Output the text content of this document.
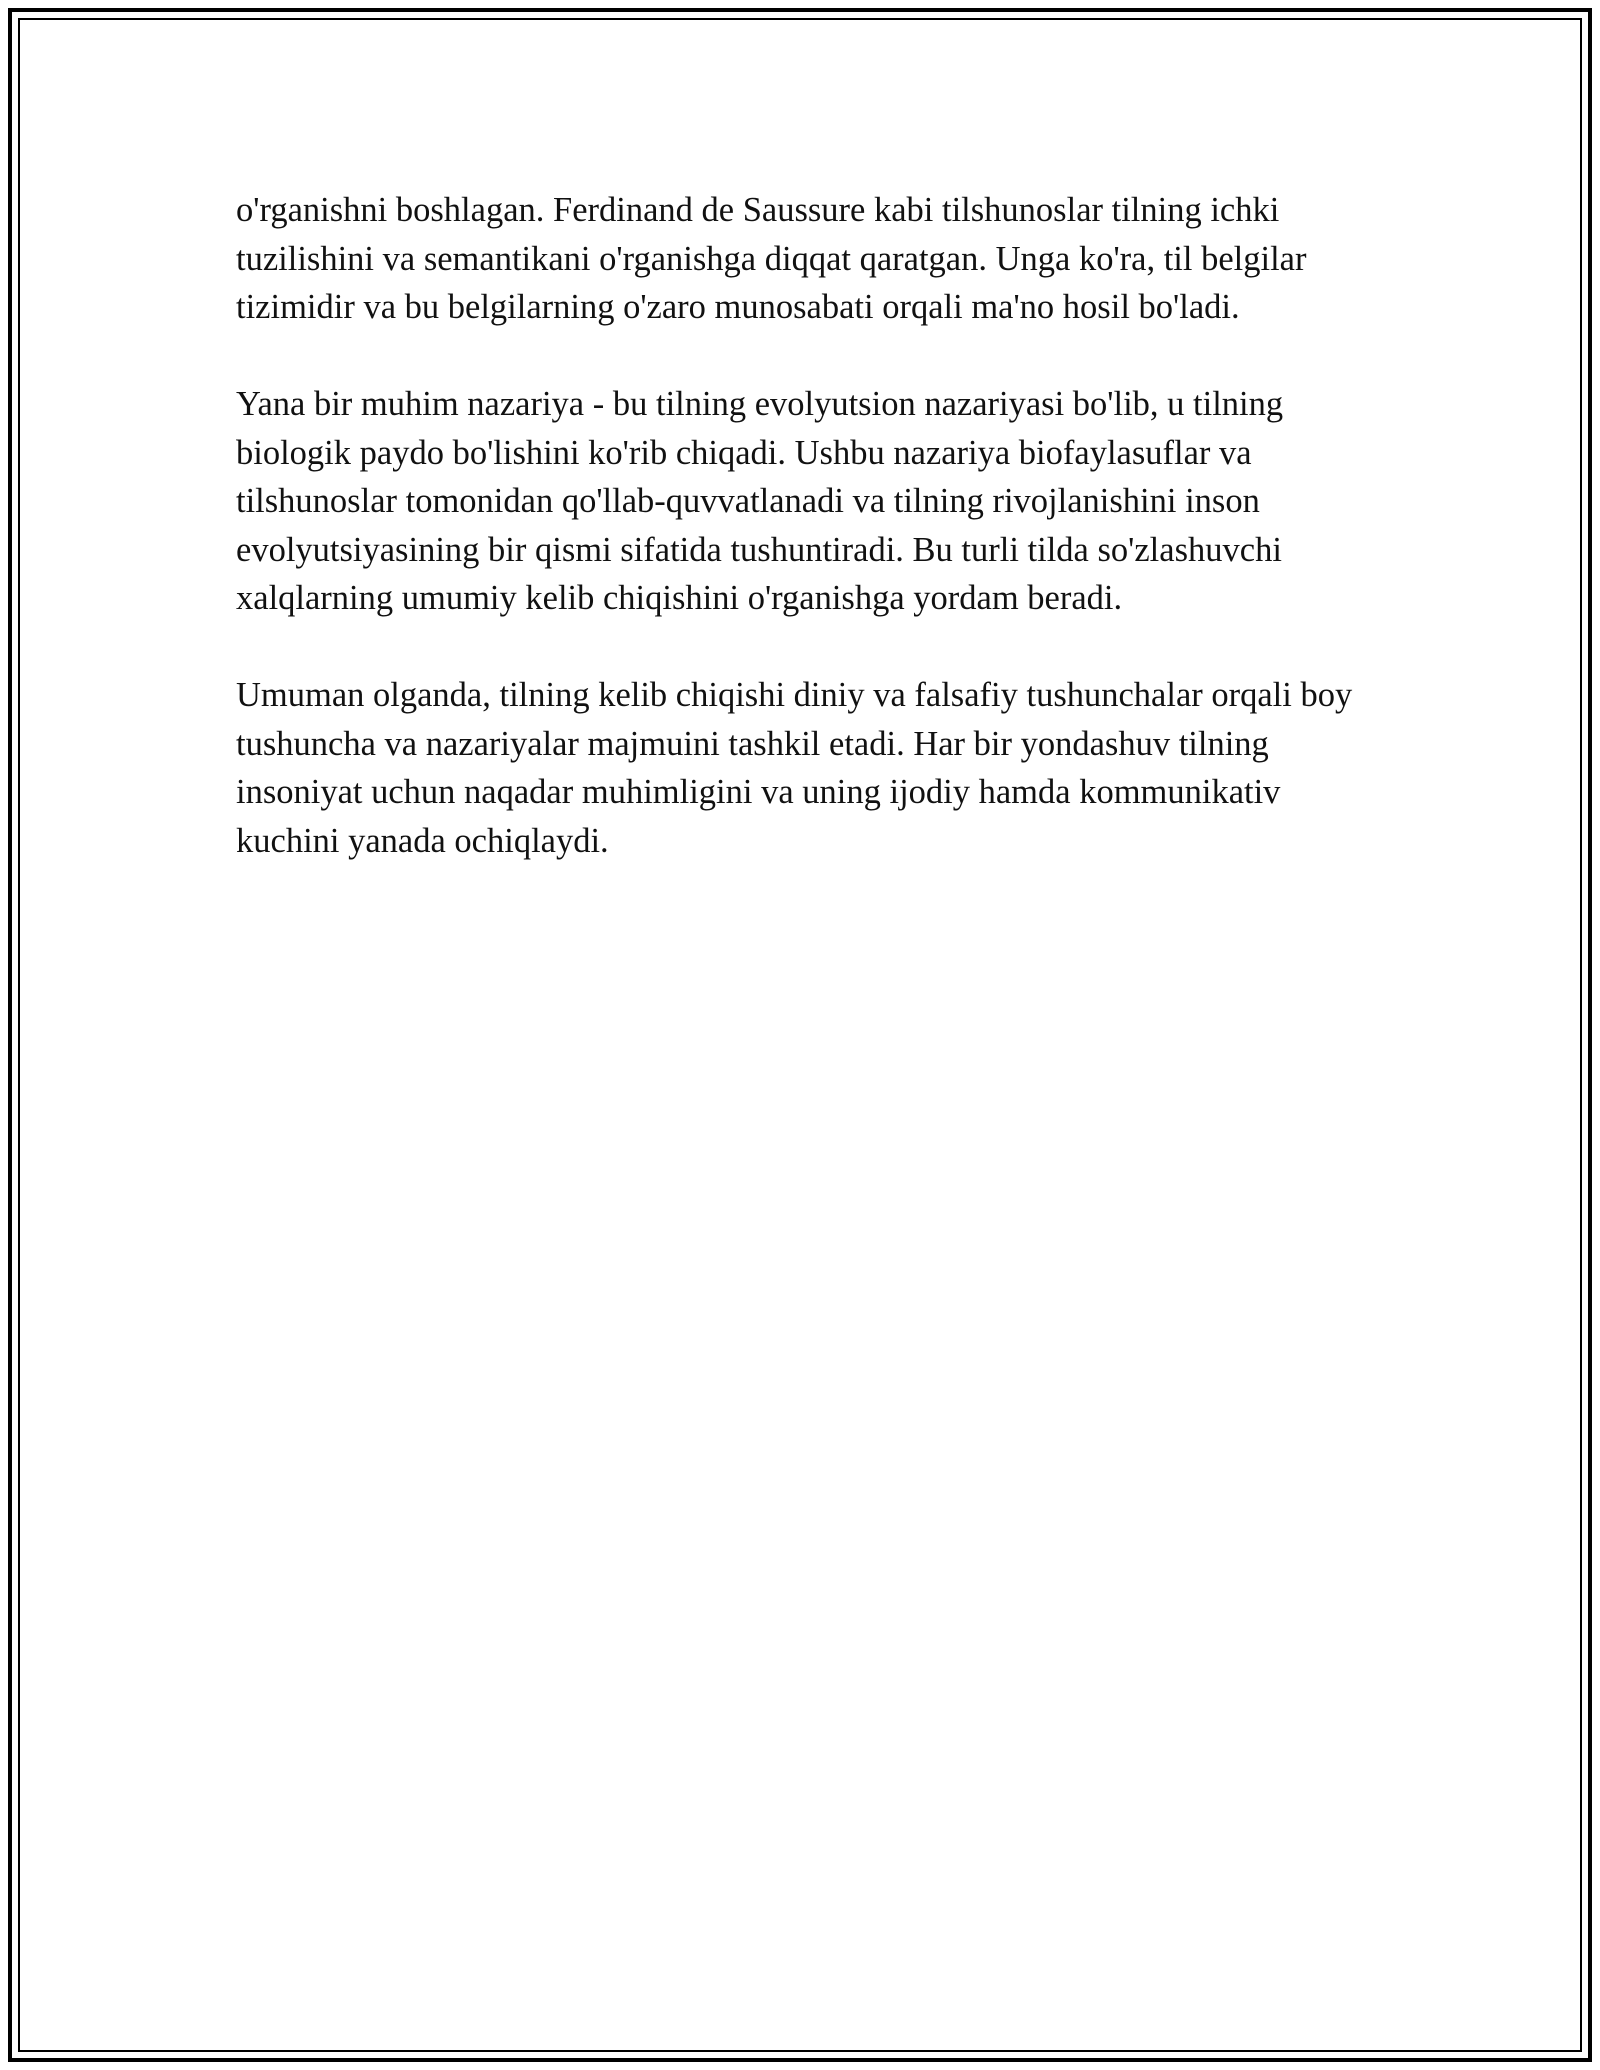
o'rganishni boshlagan. Ferdinand de Saussure kabi tilshunoslar tilning ichki tuzilishini va semantikani o'rganishga diqqat qaratgan. Unga ko'ra, til belgilar tizimidir va bu belgilarning o'zaro munosabati orqali ma'no hosil bo'ladi.

Yana bir muhim nazariya - bu tilning evolyutsion nazariyasi bo'lib, u tilning biologik paydo bo'lishini ko'rib chiqadi. Ushbu nazariya biofaylasuflar va tilshunoslar tomonidan qo'llab-quvvatlanadi va tilning rivojlanishini inson evolyutsiyasining bir qismi sifatida tushuntiradi. Bu turli tilda so'zlashuvchi xalqlarning umumiy kelib chiqishini o'rganishga yordam beradi.

Umuman olganda, tilning kelib chiqishi diniy va falsafiy tushunchalar orqali boy tushuncha va nazariyalar majmuini tashkil etadi. Har bir yondashuv tilning insoniyat uchun naqadar muhimligini va uning ijodiy hamda kommunikativ kuchini yanada ochiqlaydi.
